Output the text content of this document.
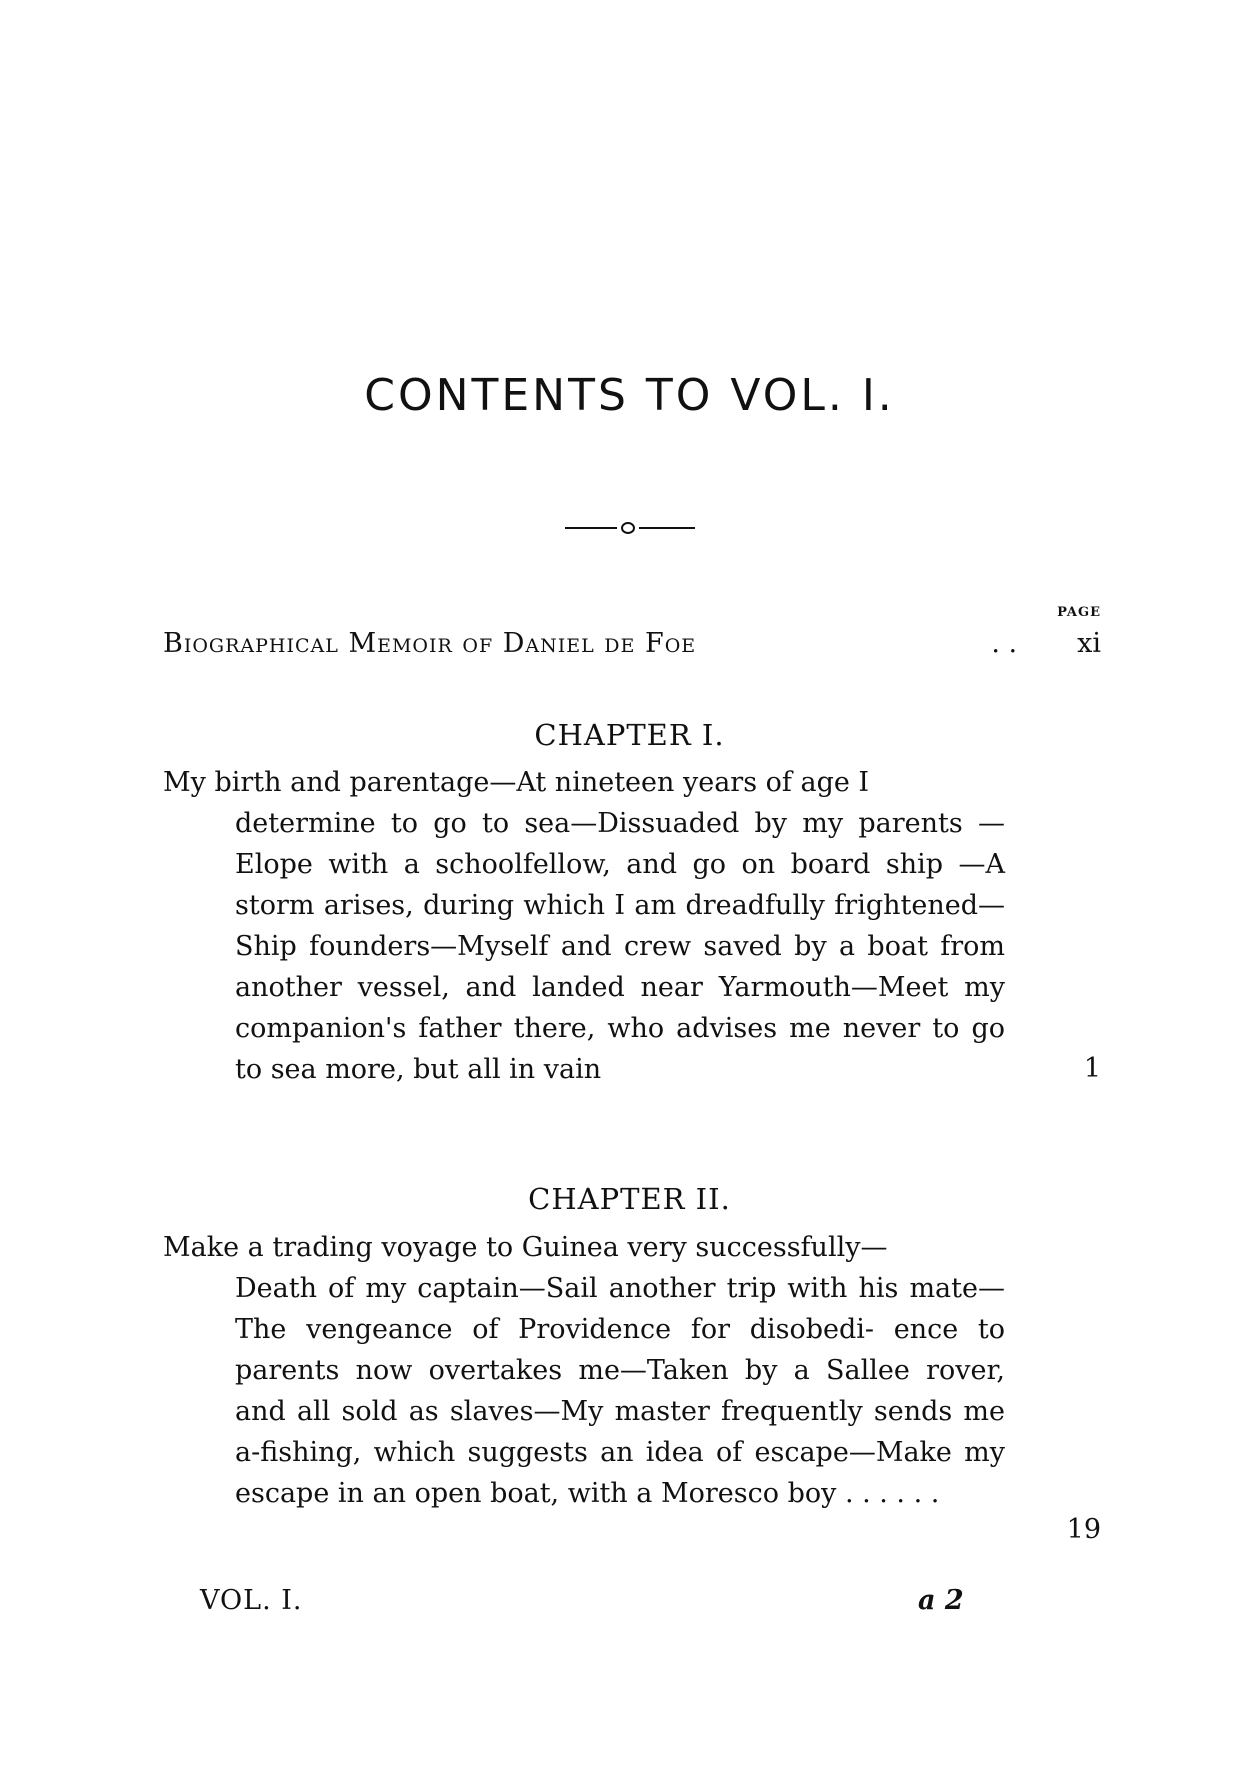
CONTENTS TO VOL. I.
PAGE
Biographical Memoir of Daniel de Foe	. .	xi
CHAPTER I.
My birth and parentage—At nineteen years of age I
determine to go to sea—Dissuaded by my parents —Elope with a schoolfellow, and go on board ship —A storm arises, during which I am dreadfully frightened—Ship founders—Myself and crew saved by a boat from another vessel, and landed near Yarmouth—Meet my companion's father there, who advises me never to go to sea more, but all in vain	1
CHAPTER II.
Make a trading voyage to Guinea very successfully—
Death of my captain—Sail another trip with his mate—The vengeance of Providence for disobedi- ence to parents now overtakes me—Taken by a Sallee rover, and all sold as slaves—My master frequently sends me a-fishing, which suggests an idea of escape—Make my escape in an open boat, with a Moresco boy . . . . . .
19
VOL. I.	a 2
